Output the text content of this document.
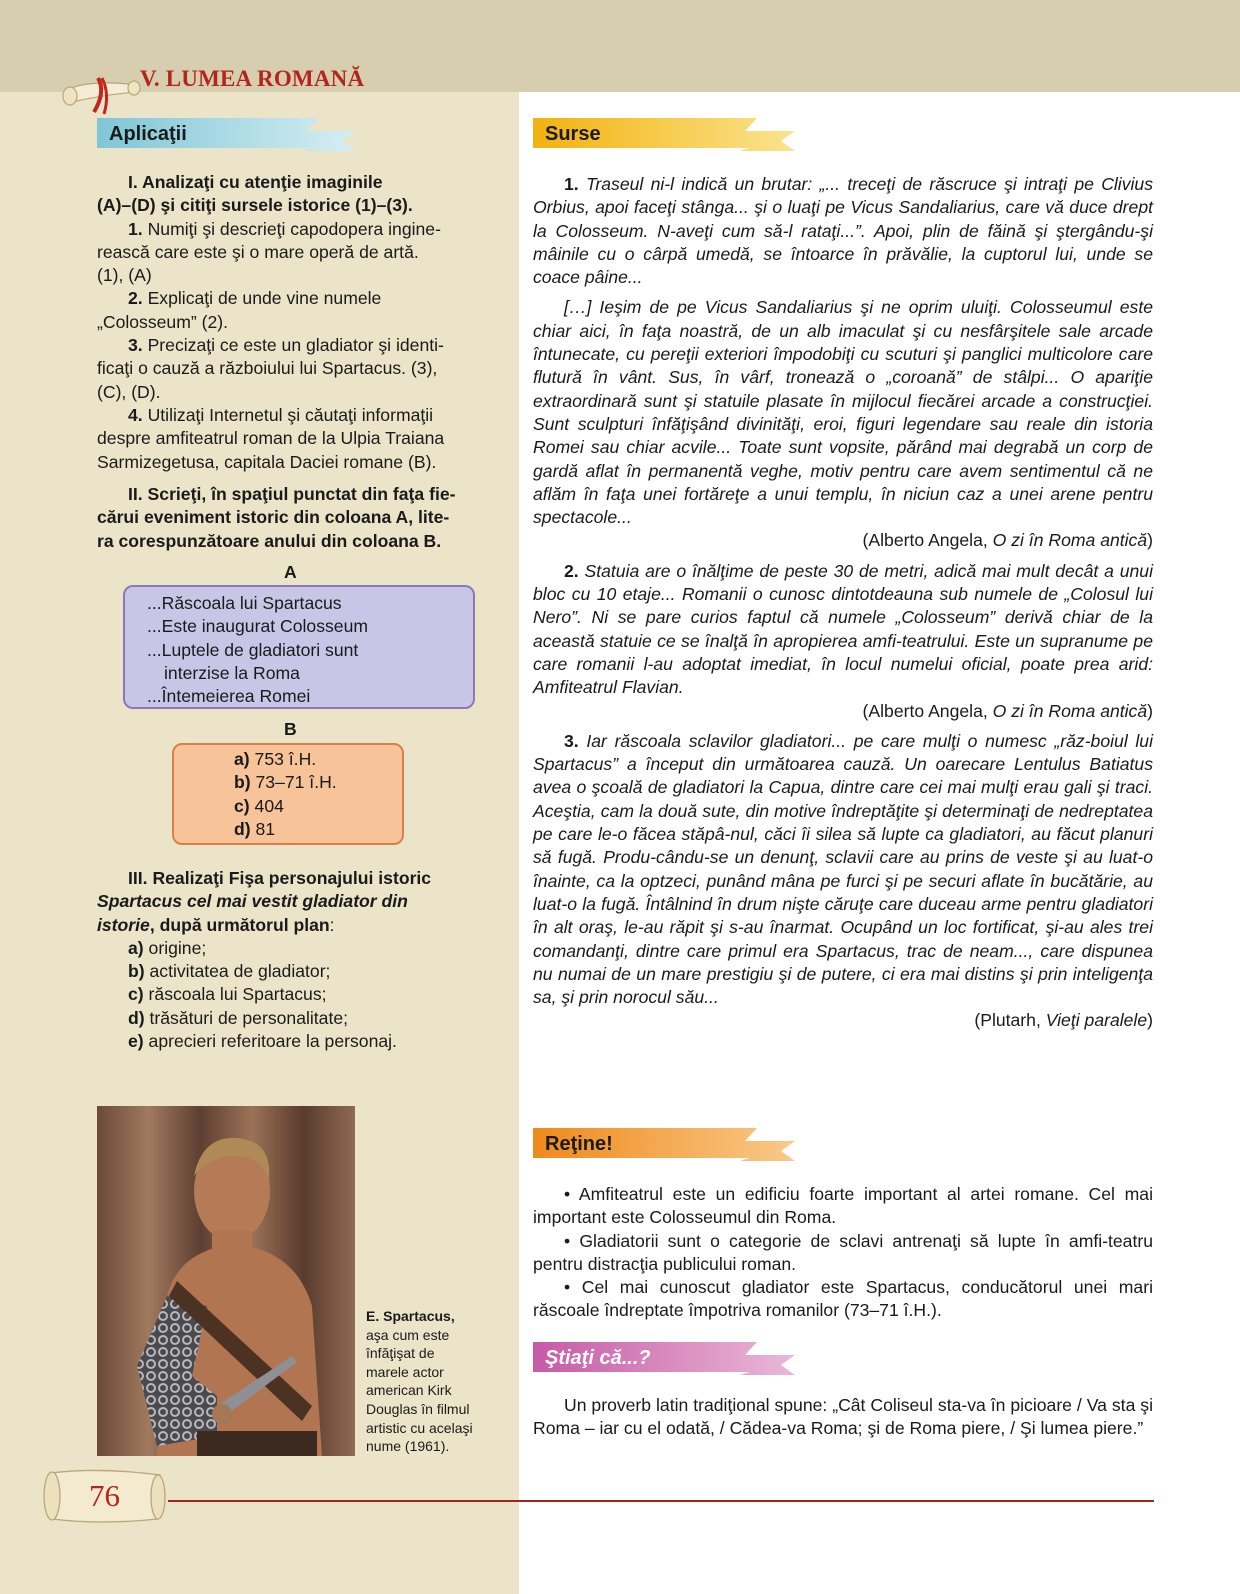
V. LUMEA ROMANĂ
Aplicaţii

I. Analizaţi cu atenţie imaginile

(A)–(D) şi citiţi sursele istorice (1)–(3).

1. Numiţi şi descrieţi capodopera ingine-

rească care este şi o mare operă de artă.

(1), (A)

2. Explicaţi de unde vine numele

„Colosseum” (2).

3. Precizaţi ce este un gladiator şi identi-

ficaţi o cauză a războiului lui Spartacus. (3),

(C), (D).

4. Utilizaţi Internetul şi căutaţi informaţii

despre amfiteatrul roman de la Ulpia Traiana

Sarmizegetusa, capitala Daciei romane (B).

II. Scrieţi, în spaţiul punctat din faţa fie-

cărui eveniment istoric din coloana A, lite-

ra corespunzătoare anului din coloana B.

A

...Răscoala lui Spartacus

...Este inaugurat Colosseum

...Luptele de gladiatori sunt

interzise la Roma

...Întemeierea Romei

B

a) 753 î.H.

b) 73–71 î.H.

c) 404

d) 81

III. Realizaţi Fişa personajului istoric

Spartacus cel mai vestit gladiator din

istorie, după următorul plan:

a) origine;

b) activitatea de gladiator;

c) răscoala lui Spartacus;

d) trăsături de personalitate;

e) aprecieri referitoare la personaj.

E. Spartacus,
aşa cum este
înfăţişat de
marele actor
american Kirk
Douglas în filmul
artistic cu acelaşi
nume (1961).
Surse

1. Traseul ni-l indică un brutar: „... treceţi de răscruce şi intraţi pe Clivius Orbius, apoi faceţi stânga... şi o luaţi pe Vicus Sandaliarius, care vă duce drept la Colosseum. N-aveţi cum să-l rataţi...”. Apoi, plin de făină şi ştergându-şi mâinile cu o cârpă umedă, se întoarce în prăvălie, la cuptorul lui, unde se coace pâine...

[…] Ieşim de pe Vicus Sandaliarius şi ne oprim uluiţi. Colosseumul este chiar aici, în faţa noastră, de un alb imaculat şi cu nesfârşitele sale arcade întunecate, cu pereţii exteriori împodobiţi cu scuturi şi panglici multicolore care flutură în vânt. Sus, în vârf, tronează o „coroană” de stâlpi... O apariţie extraordinară sunt şi statuile plasate în mijlocul fiecărei arcade a construcţiei. Sunt sculpturi înfăţişând divinităţi, eroi, figuri legendare sau reale din istoria Romei sau chiar acvile... Toate sunt vopsite, părând mai degrabă un corp de gardă aflat în permanentă veghe, motiv pentru care avem sentimentul că ne aflăm în faţa unei fortăreţe a unui templu, în niciun caz a unei arene pentru spectacole...

(Alberto Angela, O zi în Roma antică)

2. Statuia are o înălţime de peste 30 de metri, adică mai mult decât a unui bloc cu 10 etaje... Romanii o cunosc dintotdeauna sub numele de „Colosul lui Nero”. Ni se pare curios faptul că numele „Colosseum” derivă chiar de la această statuie ce se înalţă în apropierea amfi-teatrului. Este un supranume pe care romanii l-au adoptat imediat, în locul numelui oficial, poate prea arid: Amfiteatrul Flavian.

(Alberto Angela, O zi în Roma antică)

3. Iar răscoala sclavilor gladiatori... pe care mulţi o numesc „răz-boiul lui Spartacus” a început din următoarea cauză. Un oarecare Lentulus Batiatus avea o şcoală de gladiatori la Capua, dintre care cei mai mulţi erau gali şi traci. Aceştia, cam la două sute, din motive îndreptăţite şi determinaţi de nedreptatea pe care le-o făcea stăpâ-nul, căci îi silea să lupte ca gladiatori, au făcut planuri să fugă. Produ-cându-se un denunţ, sclavii care au prins de veste şi au luat-o înainte, ca la optzeci, punând mâna pe furci şi pe securi aflate în bucătărie, au luat-o la fugă. Întâlnind în drum nişte căruţe care duceau arme pentru gladiatori în alt oraş, le-au răpit şi s-au înarmat. Ocupând un loc fortificat, şi-au ales trei comandanţi, dintre care primul era Spartacus, trac de neam..., care dispunea nu numai de un mare prestigiu şi de putere, ci era mai distins şi prin inteligenţa sa, şi prin norocul său...

(Plutarh, Vieţi paralele)

Reţine!

• Amfiteatrul este un edificiu foarte important al artei romane. Cel mai important este Colosseumul din Roma.

• Gladiatorii sunt o categorie de sclavi antrenaţi să lupte în amfi-teatru pentru distracţia publicului roman.

• Cel mai cunoscut gladiator este Spartacus, conducătorul unei mari răscoale îndreptate împotriva romanilor (73–71 î.H.).

Ştiaţi că...?

Un proverb latin tradiţional spune: „Cât Coliseul sta-va în picioare / Va sta şi Roma – iar cu el odată, / Cădea-va Roma; şi de Roma piere, / Şi lumea piere.”

76
